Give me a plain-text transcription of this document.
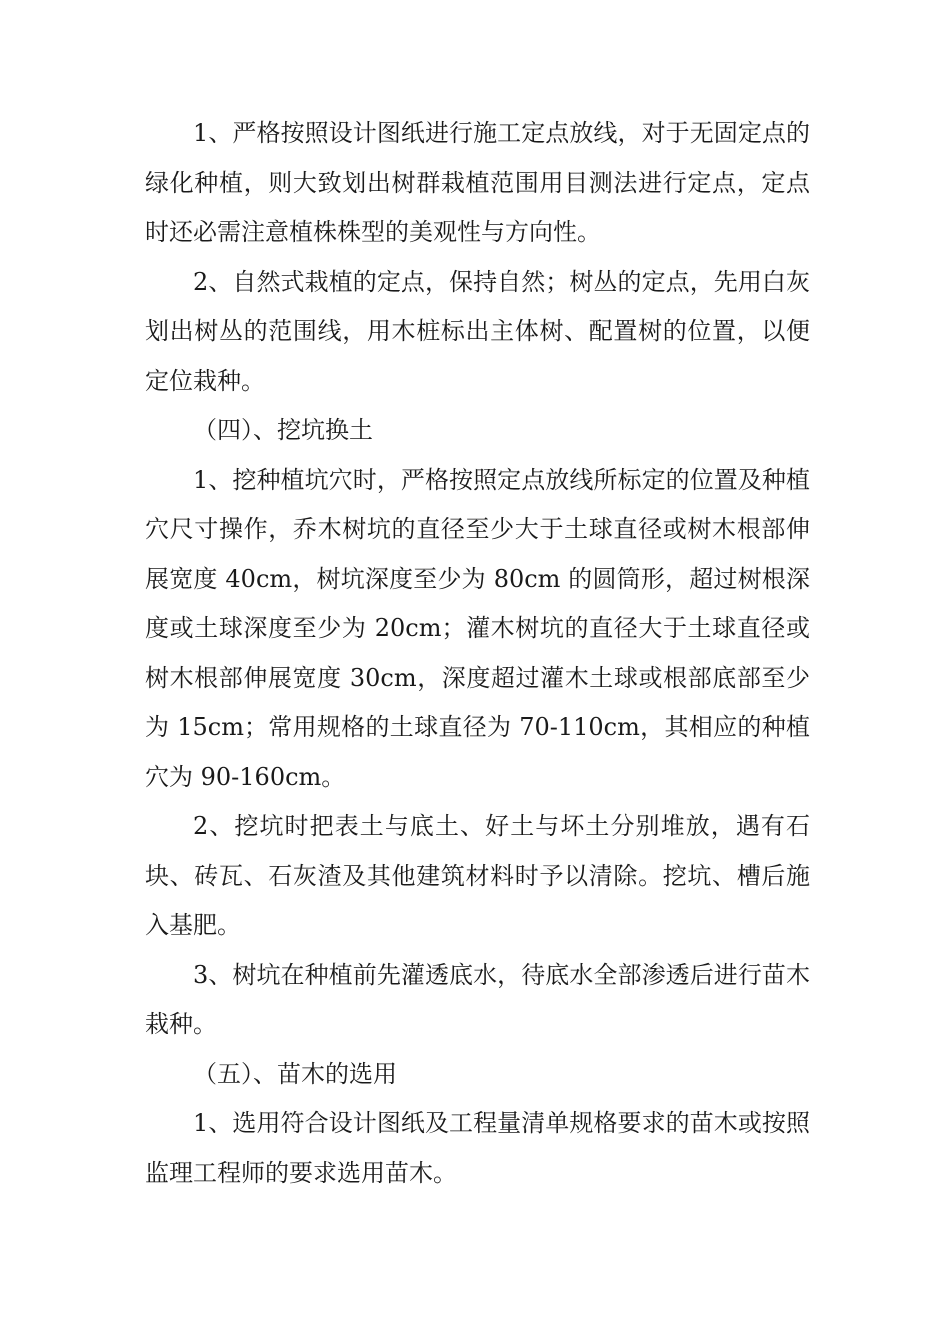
1、严格按照设计图纸进行施工定点放线，对于无固定点的绿化种植，则大致划出树群栽植范围用目测法进行定点，定点时还必需注意植株株型的美观性与方向性。

2、自然式栽植的定点，保持自然；树丛的定点，先用白灰划出树丛的范围线，用木桩标出主体树、配置树的位置，以便定位栽种。

（四）、挖坑换土

1、挖种植坑穴时，严格按照定点放线所标定的位置及种植穴尺寸操作，乔木树坑的直径至少大于土球直径或树木根部伸展宽度 40cm，树坑深度至少为 80cm 的圆筒形，超过树根深度或土球深度至少为 20cm；灌木树坑的直径大于土球直径或树木根部伸展宽度 30cm，深度超过灌木土球或根部底部至少为 15cm；常用规格的土球直径为 70-110cm，其相应的种植穴为 90-160cm。

2、挖坑时把表土与底土、好土与坏土分别堆放，遇有石块、砖瓦、石灰渣及其他建筑材料时予以清除。挖坑、槽后施入基肥。

3、树坑在种植前先灌透底水，待底水全部渗透后进行苗木栽种。

（五）、苗木的选用

1、选用符合设计图纸及工程量清单规格要求的苗木或按照监理工程师的要求选用苗木。
